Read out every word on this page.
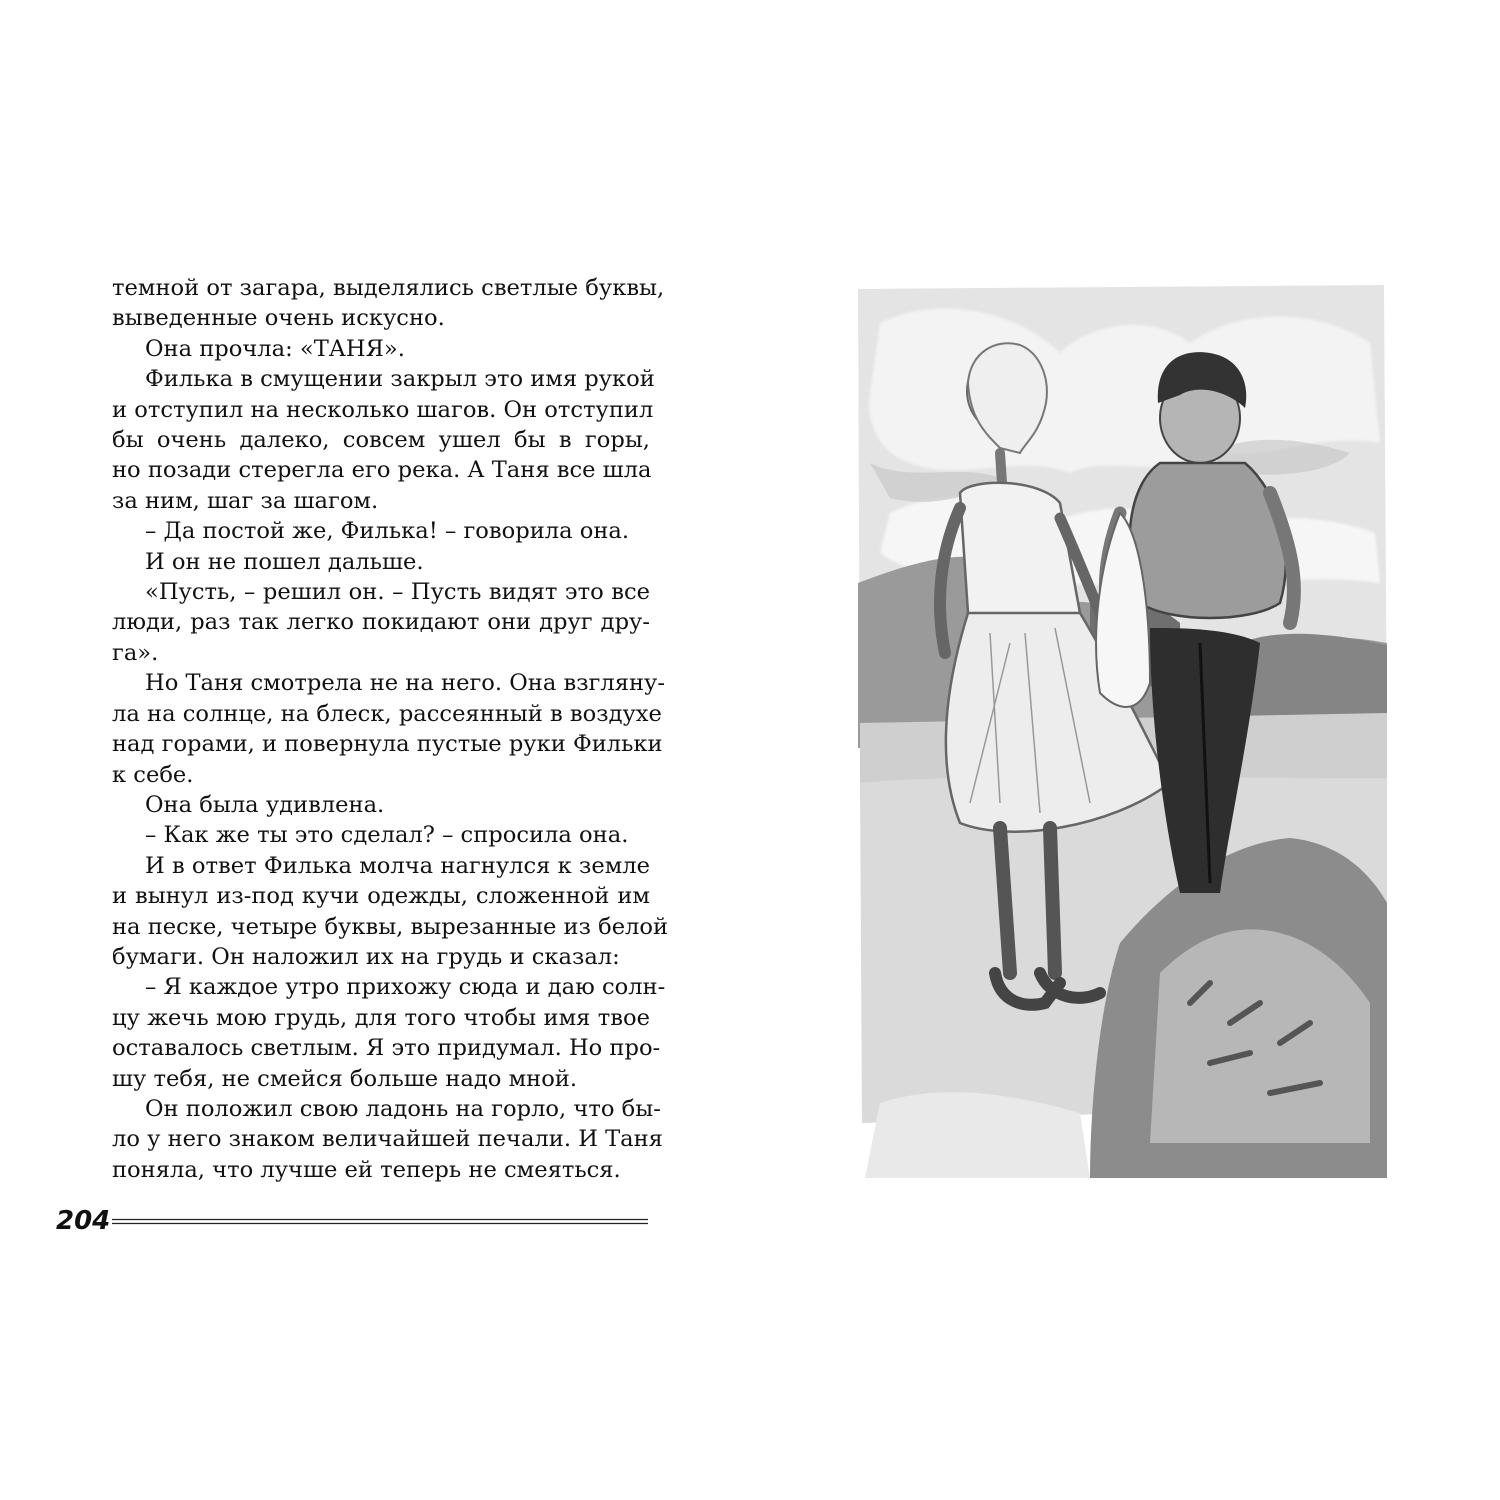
темной от загара, выделялись светлые буквы,
выведенные очень искусно.
Она прочла: «ТАНЯ».
Филька в смущении закрыл это имя рукой
и отступил на несколько шагов. Он отступил
бы очень далеко, совсем ушел бы в горы,
но позади стерегла его река. А Таня все шла
за ним, шаг за шагом.
– Да постой же, Филька! – говорила она.
И он не пошел дальше.
«Пусть, – решил он. – Пусть видят это все
люди, раз так легко покидают они друг дру-
га».
Но Таня смотрела не на него. Она взгляну-
ла на солнце, на блеск, рассеянный в воздухе
над горами, и повернула пустые руки Фильки
к себе.
Она была удивлена.
– Как же ты это сделал? – спросила она.
И в ответ Филька молча нагнулся к земле
и вынул из-под кучи одежды, сложенной им
на песке, четыре буквы, вырезанные из белой
бумаги. Он наложил их на грудь и сказал:
– Я каждое утро прихожу сюда и даю солн-
цу жечь мою грудь, для того чтобы имя твое
оставалось светлым. Я это придумал. Но про-
шу тебя, не смейся больше надо мной.
Он положил свою ладонь на горло, что бы-
ло у него знаком величайшей печали. И Таня
поняла, что лучше ей теперь не смеяться.
204
